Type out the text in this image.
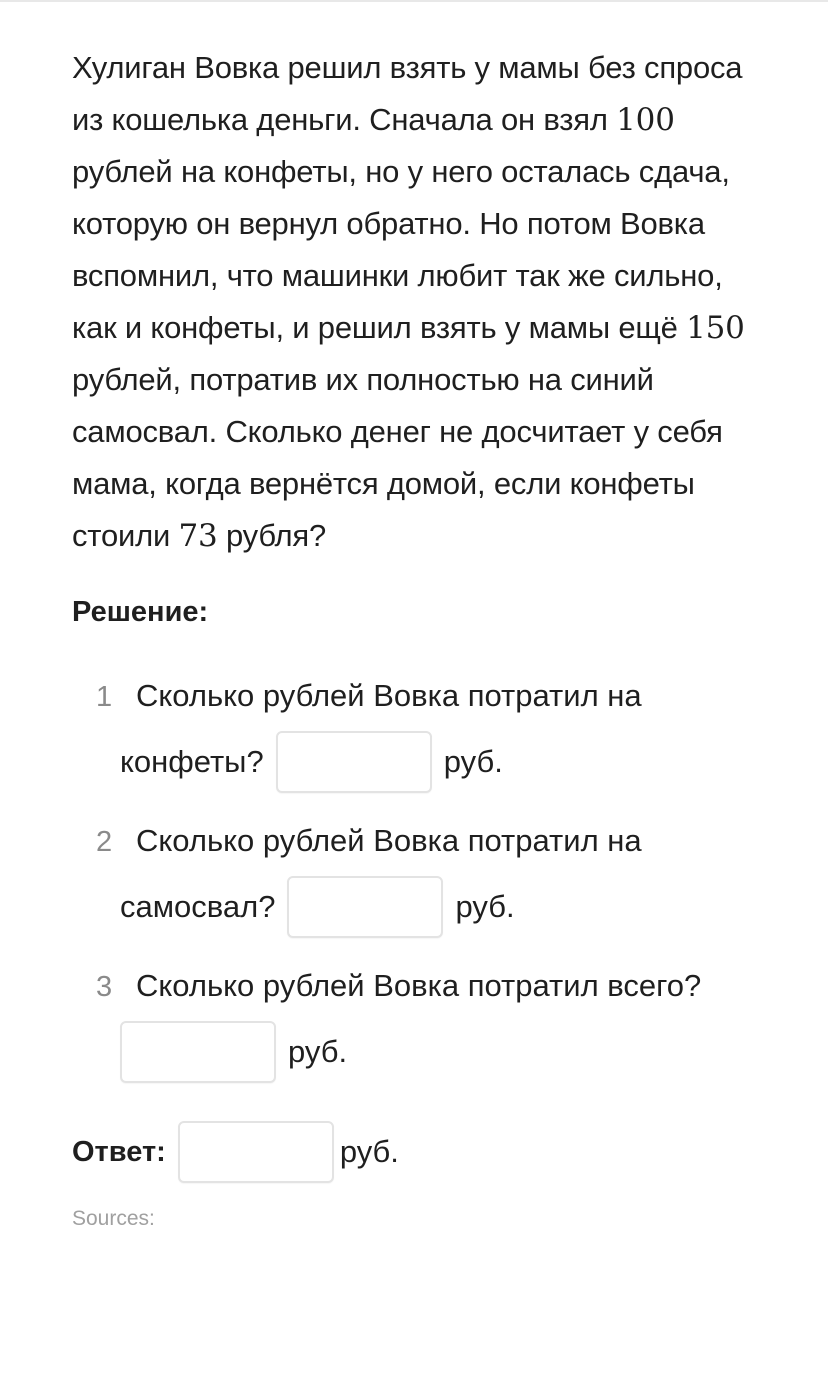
Хулиган Вовка решил взять у мамы без спроса из кошелька деньги. Сначала он взял 100 рублей на конфеты, но у него осталась сдача, которую он вернул обратно. Но потом Вовка вспомнил, что машинки любит так же сильно, как и конфеты, и решил взять у мамы ещё 150 рублей, потратив их полностью на синий самосвал. Сколько денег не досчитает у себя мама, когда вернётся домой, если конфеты стоили 73 рубля?

Решение:
1 Сколько рублей Вовка потратил на
конфеты?	руб.
2 Сколько рублей Вовка потратил на
самосвал?	руб.
3 Сколько рублей Вовка потратил всего?
руб.
Ответ:	руб.
Sources:
